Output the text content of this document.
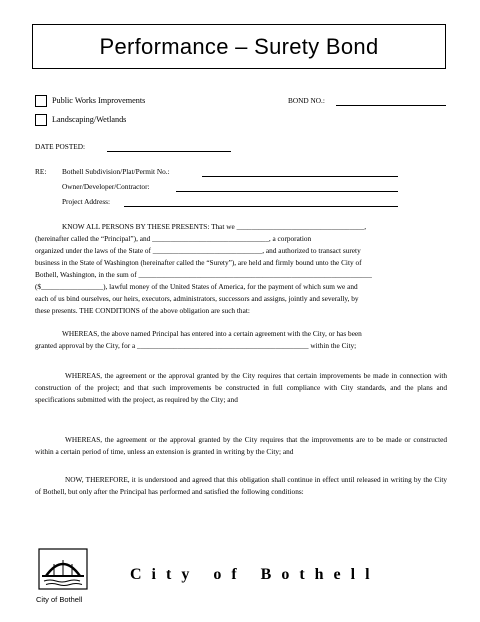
Performance – Surety Bond
Public Works Improvements
Landscaping/Wetlands
BOND NO.:
DATE POSTED:
RE: Bothell Subdivision/Plat/Permit No.:
Owner/Developer/Contractor:
Project Address:
KNOW ALL PERSONS BY THESE PRESENTS: That we ___________________________________,
(hereinafter called the “Principal”), and ________________________________, a corporation
organized under the laws of the State of ______________________________, and authorized to transact surety
business in the State of Washington (hereinafter called the “Surety”), are held and firmly bound unto the City of
Bothell, Washington, in the sum of ________________________________________________________________
($_________________), lawful money of the United States of America, for the payment of which sum we and
each of us bind ourselves, our heirs, executors, administrators, successors and assigns, jointly and severally, by
these presents. THE CONDITIONS of the above obligation are such that:
WHEREAS, the above named Principal has entered into a certain agreement with the City, or has been
granted approval by the City, for a _______________________________________________ within the City;
WHEREAS, the agreement or the approval granted by the City requires that certain improvements be made in connection with construction of the project; and that such improvements be constructed in full compliance with City standards, and the plans and specifications submitted with the project, as required by the City; and
WHEREAS, the agreement or the approval granted by the City requires that the improvements are to be made or constructed within a certain period of time, unless an extension is granted in writing by the City; and
NOW, THEREFORE, it is understood and agreed that this obligation shall continue in effect until released in writing by the City of Bothell, but only after the Principal has performed and satisfied the following conditions:
City of Bothell
City of Bothell
